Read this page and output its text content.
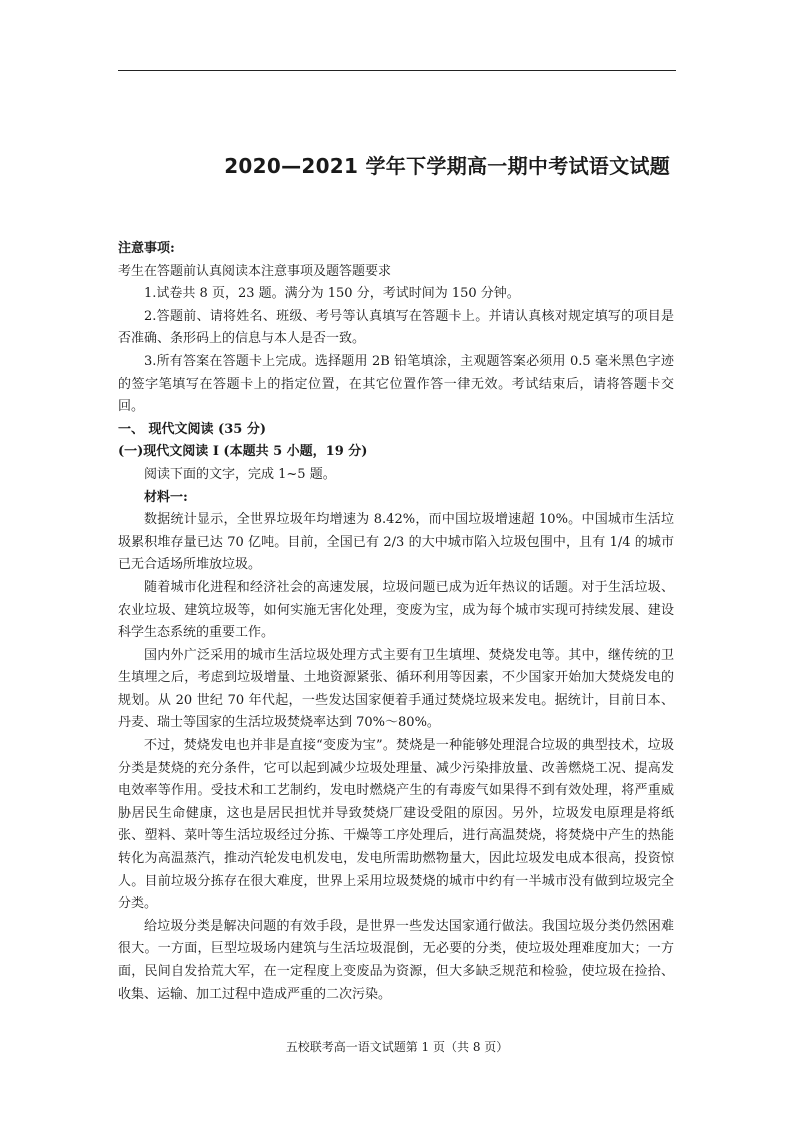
2020—2021 学年下学期高一期中考试语文试题

注意事项:

考生在答题前认真阅读本注意事项及题答题要求

1.试卷共 8 页，23 题。满分为 150 分，考试时间为 150 分钟。

2.答题前、请将姓名、班级、考号等认真填写在答题卡上。并请认真核对规定填写的项目是否准确、条形码上的信息与本人是否一致。

3.所有答案在答题卡上完成。选择题用 2B 铅笔填涂，主观题答案必须用 0.5 毫米黑色字迹的签字笔填写在答题卡上的指定位置，在其它位置作答一律无效。考试结束后，请将答题卡交回。

一、 现代文阅读 (35 分)

(一)现代文阅读 I (本题共 5 小题，19 分)

阅读下面的文字，完成 1~5 题。

材料一:

数据统计显示，全世界垃圾年均增速为 8.42%，而中国垃圾增速超 10%。中国城市生活垃圾累积堆存量已达 70 亿吨。目前，全国已有 2/3 的大中城市陷入垃圾包围中，且有 1/4 的城市已无合适场所堆放垃圾。

随着城市化进程和经济社会的高速发展，垃圾问题已成为近年热议的话题。对于生活垃圾、农业垃圾、建筑垃圾等，如何实施无害化处理，变废为宝，成为每个城市实现可持续发展、建设科学生态系统的重要工作。

国内外广泛采用的城市生活垃圾处理方式主要有卫生填埋、焚烧发电等。其中，继传统的卫生填埋之后，考虑到垃圾增量、土地资源紧张、循环利用等因素，不少国家开始加大焚烧发电的规划。从 20 世纪 70 年代起，一些发达国家便着手通过焚烧垃圾来发电。据统计，目前日本、丹麦、瑞士等国家的生活垃圾焚烧率达到 70%～80%。

不过，焚烧发电也并非是直接“变废为宝”。焚烧是一种能够处理混合垃圾的典型技术，垃圾分类是焚烧的充分条件，它可以起到减少垃圾处理量、减少污染排放量、改善燃烧工况、提高发电效率等作用。受技术和工艺制约，发电时燃烧产生的有毒废气如果得不到有效处理，将严重威胁居民生命健康，这也是居民担忧并导致焚烧厂建设受阻的原因。另外，垃圾发电原理是将纸张、塑料、菜叶等生活垃圾经过分拣、干燥等工序处理后，进行高温焚烧，将焚烧中产生的热能转化为高温蒸汽，推动汽轮发电机发电，发电所需助燃物量大，因此垃圾发电成本很高，投资惊人。目前垃圾分拣存在很大难度，世界上采用垃圾焚烧的城市中约有一半城市没有做到垃圾完全分类。

给垃圾分类是解决问题的有效手段，是世界一些发达国家通行做法。我国垃圾分类仍然困难很大。一方面，巨型垃圾场内建筑与生活垃圾混倒，无必要的分类，使垃圾处理难度加大；一方面，民间自发拾荒大军，在一定程度上变废品为资源，但大多缺乏规范和检验，使垃圾在捡拾、收集、运输、加工过程中造成严重的二次污染。

五校联考高一语文试题第 1 页（共 8 页）
